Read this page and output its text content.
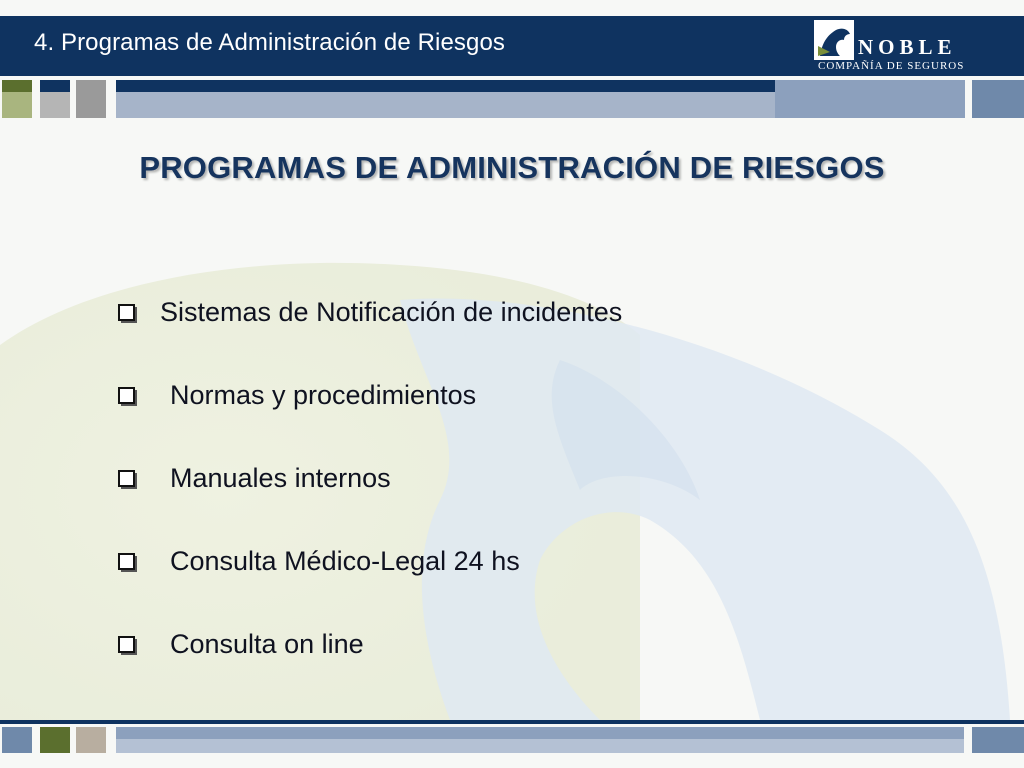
4. Programas de Administración de Riesgos	NOBLE
COMPAÑÍA DE SEGUROS
PROGRAMAS DE ADMINISTRACIÓN DE RIESGOS
Sistemas de Notificación de incidentes
Normas y procedimientos
Manuales internos
Consulta Médico-Legal 24 hs
Consulta on line
